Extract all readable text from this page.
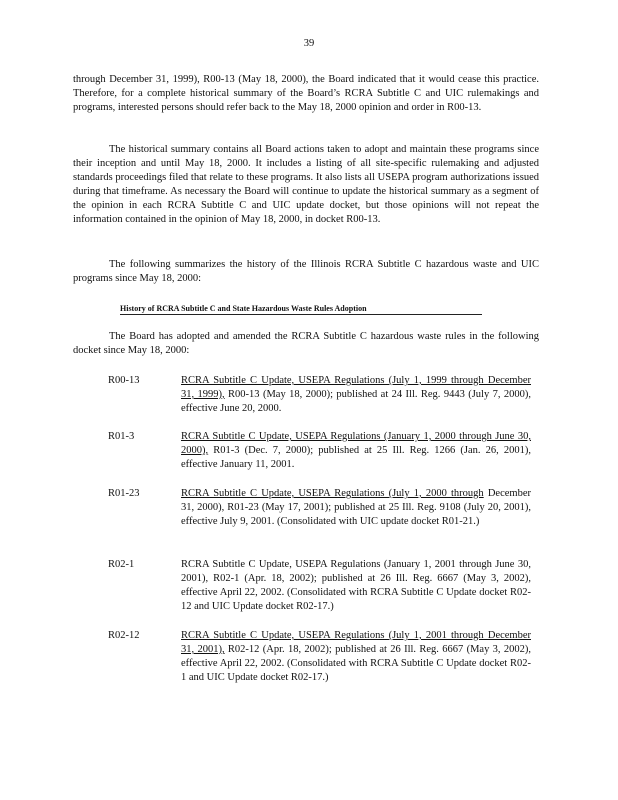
39

through December 31, 1999), R00-13 (May 18, 2000), the Board indicated that it would cease this practice. Therefore, for a complete historical summary of the Board’s RCRA Subtitle C and UIC rulemakings and programs, interested persons should refer back to the May 18, 2000 opinion and order in R00-13.

The historical summary contains all Board actions taken to adopt and maintain these programs since their inception and until May 18, 2000. It includes a listing of all site-specific rulemaking and adjusted standards proceedings filed that relate to these programs. It also lists all USEPA program authorizations issued during that timeframe. As necessary the Board will continue to update the historical summary as a segment of the opinion in each RCRA Subtitle C and UIC update docket, but those opinions will not repeat the information contained in the opinion of May 18, 2000, in docket R00-13.

The following summarizes the history of the Illinois RCRA Subtitle C hazardous waste and UIC programs since May 18, 2000:

History of RCRA Subtitle C and State Hazardous Waste Rules Adoption

The Board has adopted and amended the RCRA Subtitle C hazardous waste rules in the following docket since May 18, 2000:

R00-13	RCRA Subtitle C Update, USEPA Regulations (July 1, 1999 through December 31, 1999), R00-13 (May 18, 2000); published at 24 Ill. Reg. 9443 (July 7, 2000), effective June 20, 2000.

R01-3	RCRA Subtitle C Update, USEPA Regulations (January 1, 2000 through June 30, 2000), R01-3 (Dec. 7, 2000); published at 25 Ill. Reg. 1266 (Jan. 26, 2001), effective January 11, 2001.

R01-23	RCRA Subtitle C Update, USEPA Regulations (July 1, 2000 through December 31, 2000), R01-23 (May 17, 2001); published at 25 Ill. Reg. 9108 (July 20, 2001), effective July 9, 2001. (Consolidated with UIC update docket R01-21.)

R02-1	RCRA Subtitle C Update, USEPA Regulations (January 1, 2001 through June 30, 2001), R02-1 (Apr. 18, 2002); published at 26 Ill. Reg. 6667 (May 3, 2002), effective April 22, 2002. (Consolidated with RCRA Subtitle C Update docket R02-12 and UIC Update docket R02-17.)

R02-12	RCRA Subtitle C Update, USEPA Regulations (July 1, 2001 through December 31, 2001), R02-12 (Apr. 18, 2002); published at 26 Ill. Reg. 6667 (May 3, 2002), effective April 22, 2002. (Consolidated with RCRA Subtitle C Update docket R02-1 and UIC Update docket R02-17.)
